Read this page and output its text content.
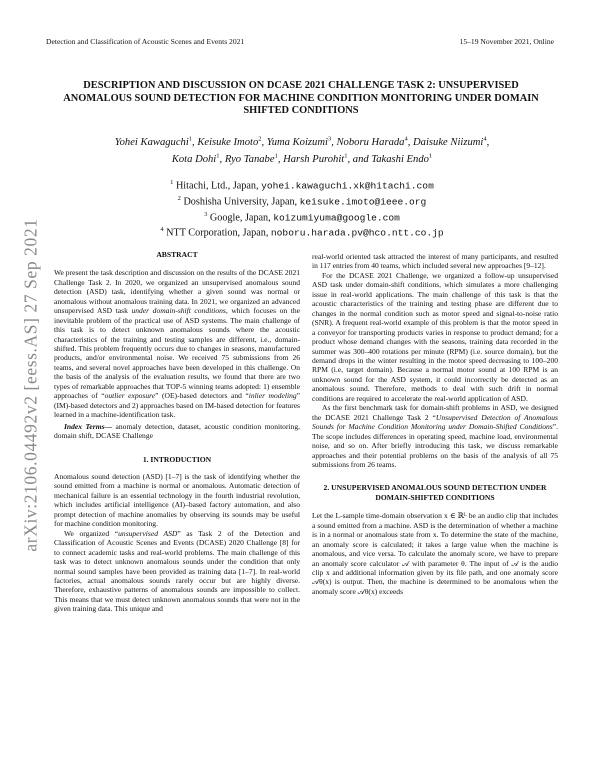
Detection and Classification of Acoustic Scenes and Events 2021	15–19 November 2021, Online
arXiv:2106.04492v2 [eess.AS] 27 Sep 2021
DESCRIPTION AND DISCUSSION ON DCASE 2021 CHALLENGE TASK 2: UNSUPERVISED ANOMALOUS SOUND DETECTION FOR MACHINE CONDITION MONITORING UNDER DOMAIN SHIFTED CONDITIONS
Yohei Kawaguchi$^1$, Keisuke Imoto$^2$, Yuma Koizumi$^3$, Noboru Harada$^4$, Daisuke Niizumi$^4$,
Kota Dohi$^1$, Ryo Tanabe$^1$, Harsh Purohit$^1$, and Takashi Endo$^1$
$^1$ Hitachi, Ltd., Japan, yohei.kawaguchi.xk@hitachi.com
$^2$ Doshisha University, Japan, keisuke.imoto@ieee.org
$^3$ Google, Japan, koizumiyuma@google.com
$^4$ NTT Corporation, Japan, noboru.harada.pv@hco.ntt.co.jp
ABSTRACT

We present the task description and discussion on the results of the DCASE 2021 Challenge Task 2. In 2020, we organized an unsupervised anomalous sound detection (ASD) task, identifying whether a given sound was normal or anomalous without anomalous training data. In 2021, we organized an advanced unsupervised ASD task under domain-shift conditions, which focuses on the inevitable problem of the practical use of ASD systems. The main challenge of this task is to detect unknown anomalous sounds where the acoustic characteristics of the training and testing samples are different, i.e., domain-shifted. This problem frequently occurs due to changes in seasons, manufactured products, and/or environmental noise. We received 75 submissions from 26 teams, and several novel approaches have been developed in this challenge. On the basis of the analysis of the evaluation results, we found that there are two types of remarkable approaches that TOP-5 winning teams adopted: 1) ensemble approaches of “outlier exposure” (OE)-based detectors and “inlier modeling” (IM)-based detectors and 2) approaches based on IM-based detection for features learned in a machine-identification task.

Index Terms— anomaly detection, dataset, acoustic condition monitoring, domain shift, DCASE Challenge

1. INTRODUCTION

Anomalous sound detection (ASD) [1–7] is the task of identifying whether the sound emitted from a machine is normal or anomalous. Automatic detection of mechanical failure is an essential technology in the fourth industrial revolution, which includes artificial intelligence (AI)–based factory automation, and also prompt detection of machine anomalies by observing its sounds may be useful for machine condition monitoring.

We organized “unsupervised ASD” as Task 2 of the Detection and Classification of Acoustic Scenes and Events (DCASE) 2020 Challenge [8] for to connect academic tasks and real-world problems. The main challenge of this task was to detect unknown anomalous sounds under the condition that only normal sound samples have been provided as training data [1–7]. In real-world factories, actual anomalous sounds rarely occur but are highly diverse. Therefore, exhaustive patterns of anomalous sounds are impossible to collect. This means that we must detect unknown anomalous sounds that were not in the given training data. This unique and

real-world oriented task attracted the interest of many participants, and resulted in 117 entries from 40 teams, which included several new approaches [9–12].

For the DCASE 2021 Challenge, we organized a follow-up unsupervised ASD task under domain-shift conditions, which simulates a more challenging issue in real-world applications. The main challenge of this task is that the acoustic characteristics of the training and testing phase are different due to changes in the normal condition such as motor speed and signal-to-noise ratio (SNR). A frequent real-world example of this problem is that the motor speed in a conveyor for transporting products varies in response to product demand; for a product whose demand changes with the seasons, training data recorded in the summer was 300–400 rotations per minute (RPM) (i.e. source domain), but the demand drops in the winter resulting in the motor speed decreasing to 100–200 RPM (i.e, target domain). Because a normal motor sound at 100 RPM is an unknown sound for the ASD system, it could incorrectly be detected as an anomalous sound. Therefore, methods to deal with such drift in normal conditions are required to accelerate the real-world application of ASD.

As the first benchmark task for domain-shift problems in ASD, we designed the DCASE 2021 Challenge Task 2 “Unsupervised Detection of Anomalous Sounds for Machine Condition Monitoring under Domain-Shifted Conditions”. The scope includes differences in operating speed, machine load, environmental noise, and so on. After briefly introducing this task, we discuss remarkable approaches and their potential problems on the basis of the analysis of all 75 submissions from 26 teams.

2. UNSUPERVISED ANOMALOUS SOUND DETECTION UNDER DOMAIN-SHIFTED CONDITIONS

Let the L-sample time-domain observation x ∈ ℝᴸ be an audio clip that includes a sound emitted from a machine. ASD is the determination of whether a machine is in a normal or anomalous state from x. To determine the state of the machine, an anomaly score is calculated; it takes a large value when the machine is anomalous, and vice versa. To calculate the anomaly score, we have to prepare an anomaly score calculator 𝒜 with parameter θ. The input of 𝒜 is the audio clip x and additional information given by its file path, and one anomaly score 𝒜θ(x) is output. Then, the machine is determined to be anomalous when the anomaly score 𝒜θ(x) exceeds
